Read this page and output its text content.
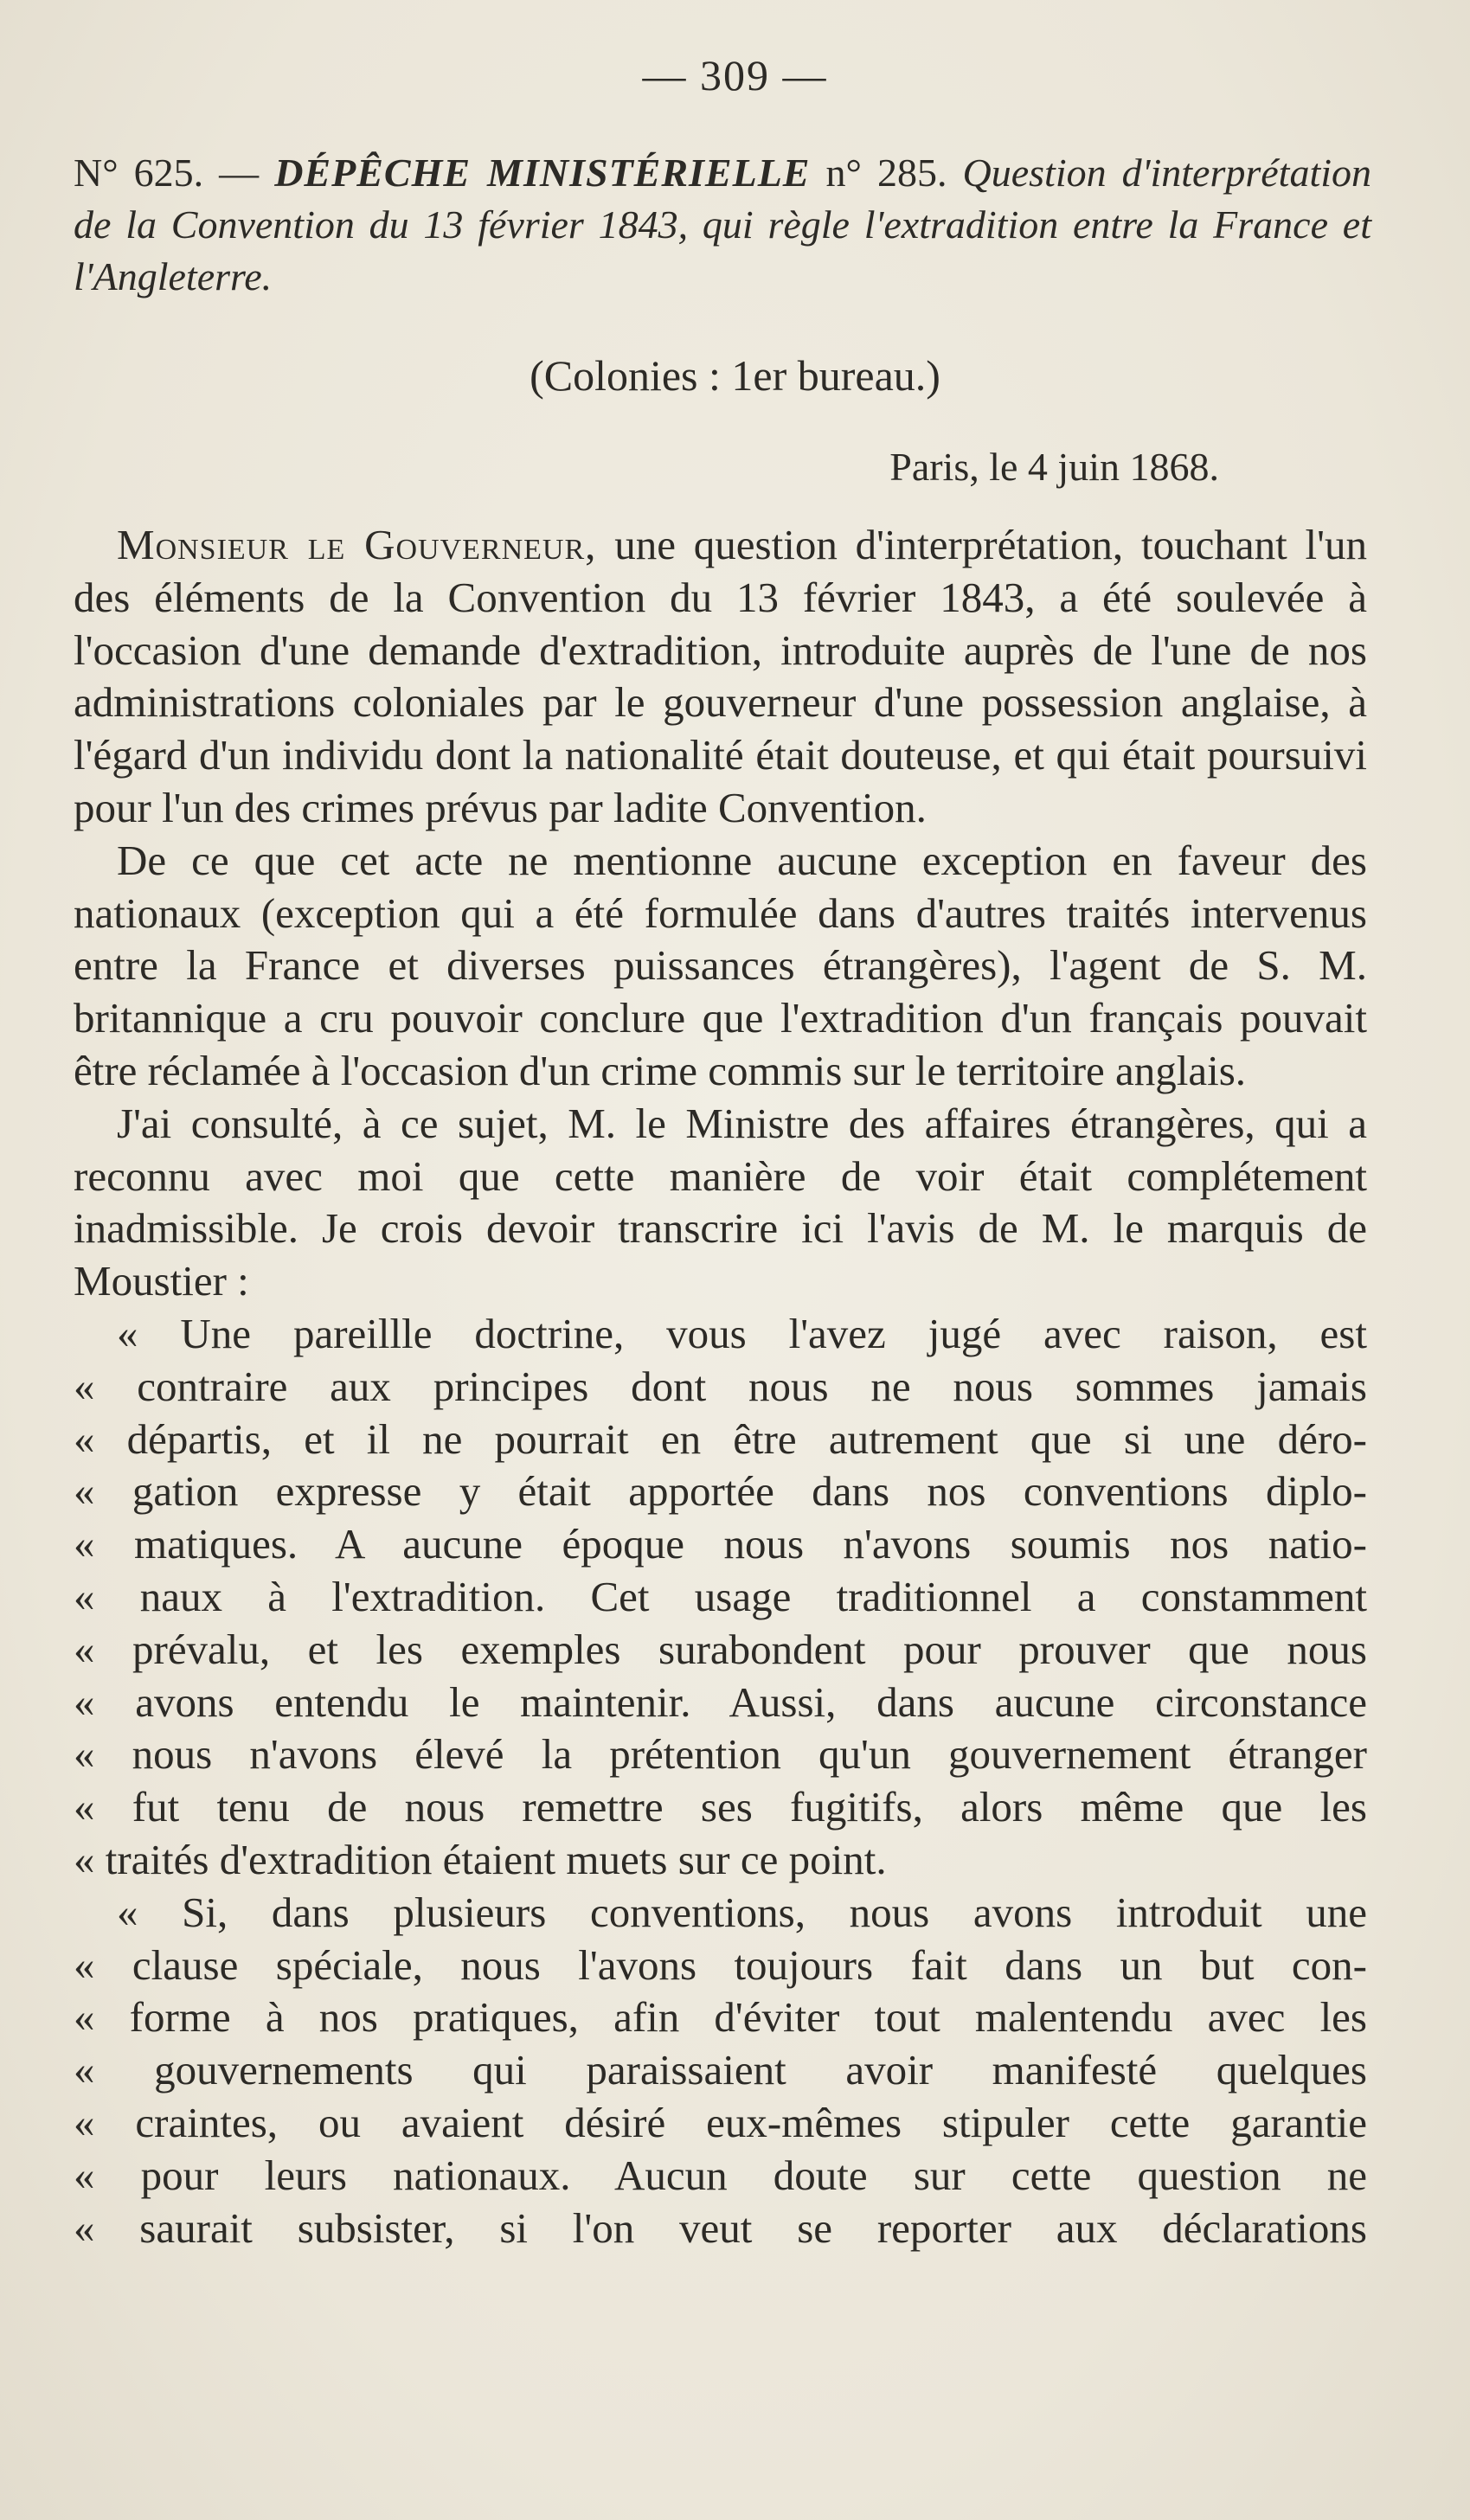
— 309 —
N° 625. — DÉPÊCHE MINISTÉRIELLE n° 285. Question d'interprétation de la Convention du 13 février 1843, qui règle l'extradition entre la France et l'Angleterre.
(Colonies : 1er bureau.)
Paris, le 4 juin 1868.

Monsieur le Gouverneur, une question d'interprétation, touchant l'un des éléments de la Convention du 13 février 1843, a été soulevée à l'occasion d'une demande d'extradition, introduite auprès de l'une de nos administrations coloniales par le gouverneur d'une possession anglaise, à l'égard d'un individu dont la nationalité était douteuse, et qui était poursuivi pour l'un des crimes prévus par ladite Convention.

De ce que cet acte ne mentionne aucune exception en faveur des nationaux (exception qui a été formulée dans d'autres traités intervenus entre la France et diverses puissances étrangères), l'agent de S. M. britannique a cru pouvoir conclure que l'extradition d'un français pouvait être réclamée à l'occasion d'un crime commis sur le territoire anglais.

J'ai consulté, à ce sujet, M. le Ministre des affaires étrangères, qui a reconnu avec moi que cette manière de voir était complétement inadmissible. Je crois devoir transcrire ici l'avis de M. le marquis de Moustier :

« Une pareillle doctrine, vous l'avez jugé avec raison, est
« contraire aux principes dont nous ne nous sommes jamais
« départis, et il ne pourrait en être autrement que si une déro-
« gation expresse y était apportée dans nos conventions diplo-
« matiques. A aucune époque nous n'avons soumis nos natio-
« naux à l'extradition. Cet usage traditionnel a constamment
« prévalu, et les exemples surabondent pour prouver que nous
« avons entendu le maintenir. Aussi, dans aucune circonstance
« nous n'avons élevé la prétention qu'un gouvernement étranger
« fut tenu de nous remettre ses fugitifs, alors même que les
« traités d'extradition étaient muets sur ce point.
« Si, dans plusieurs conventions, nous avons introduit une
« clause spéciale, nous l'avons toujours fait dans un but con-
« forme à nos pratiques, afin d'éviter tout malentendu avec les
« gouvernements qui paraissaient avoir manifesté quelques
« craintes, ou avaient désiré eux-mêmes stipuler cette garantie
« pour leurs nationaux. Aucun doute sur cette question ne
« saurait subsister, si l'on veut se reporter aux déclarations
